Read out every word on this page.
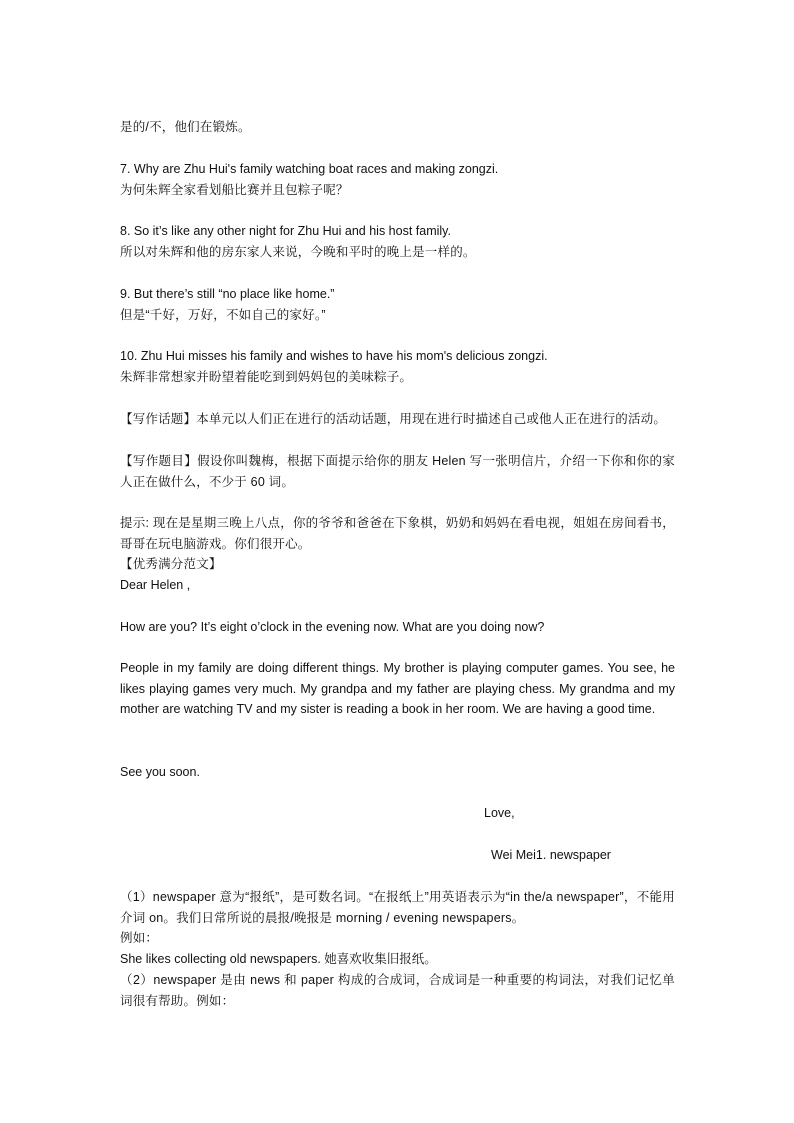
是的/不，他们在锻炼。
7. Why are Zhu Hui's family watching boat races and making zongzi.
为何朱辉全家看划船比赛并且包粽子呢？
8. So it’s like any other night for Zhu Hui and his host family.
所以对朱辉和他的房东家人来说，今晚和平时的晚上是一样的。
9. But there’s still “no place like home.”
但是“千好，万好，不如自己的家好。”
10. Zhu Hui misses his family and wishes to have his mom's delicious zongzi.
朱辉非常想家并盼望着能吃到到妈妈包的美味粽子。
【写作话题】本单元以人们正在进行的活动话题，用现在进行时描述自己或他人正在进行的活动。
【写作题目】假设你叫魏梅，根据下面提示给你的朋友 Helen 写一张明信片，介绍一下你和你的家人正在做什么，不少于 60 词。
提示: 现在是星期三晚上八点，你的爷爷和爸爸在下象棋，奶奶和妈妈在看电视，姐姐在房间看书，哥哥在玩电脑游戏。你们很开心。
【优秀满分范文】
Dear Helen ,
How are you? It’s eight o’clock in the evening now. What are you doing now?
People in my family are doing different things. My brother is playing computer games. You see, he likes playing games very much. My grandpa and my father are playing chess. My grandma and my mother are watching TV and my sister is reading a book in her room. We are having a good time.
See you soon.
Love,
Wei Mei1. newspaper
（1）newspaper 意为“报纸”，是可数名词。“在报纸上”用英语表示为“in the/a newspaper”，不能用介词 on。我们日常所说的晨报/晚报是 morning / evening newspapers。
例如：
She likes collecting old newspapers. 她喜欢收集旧报纸。
（2）newspaper 是由 news 和 paper 构成的合成词，合成词是一种重要的构词法，对我们记忆单词很有帮助。例如：
